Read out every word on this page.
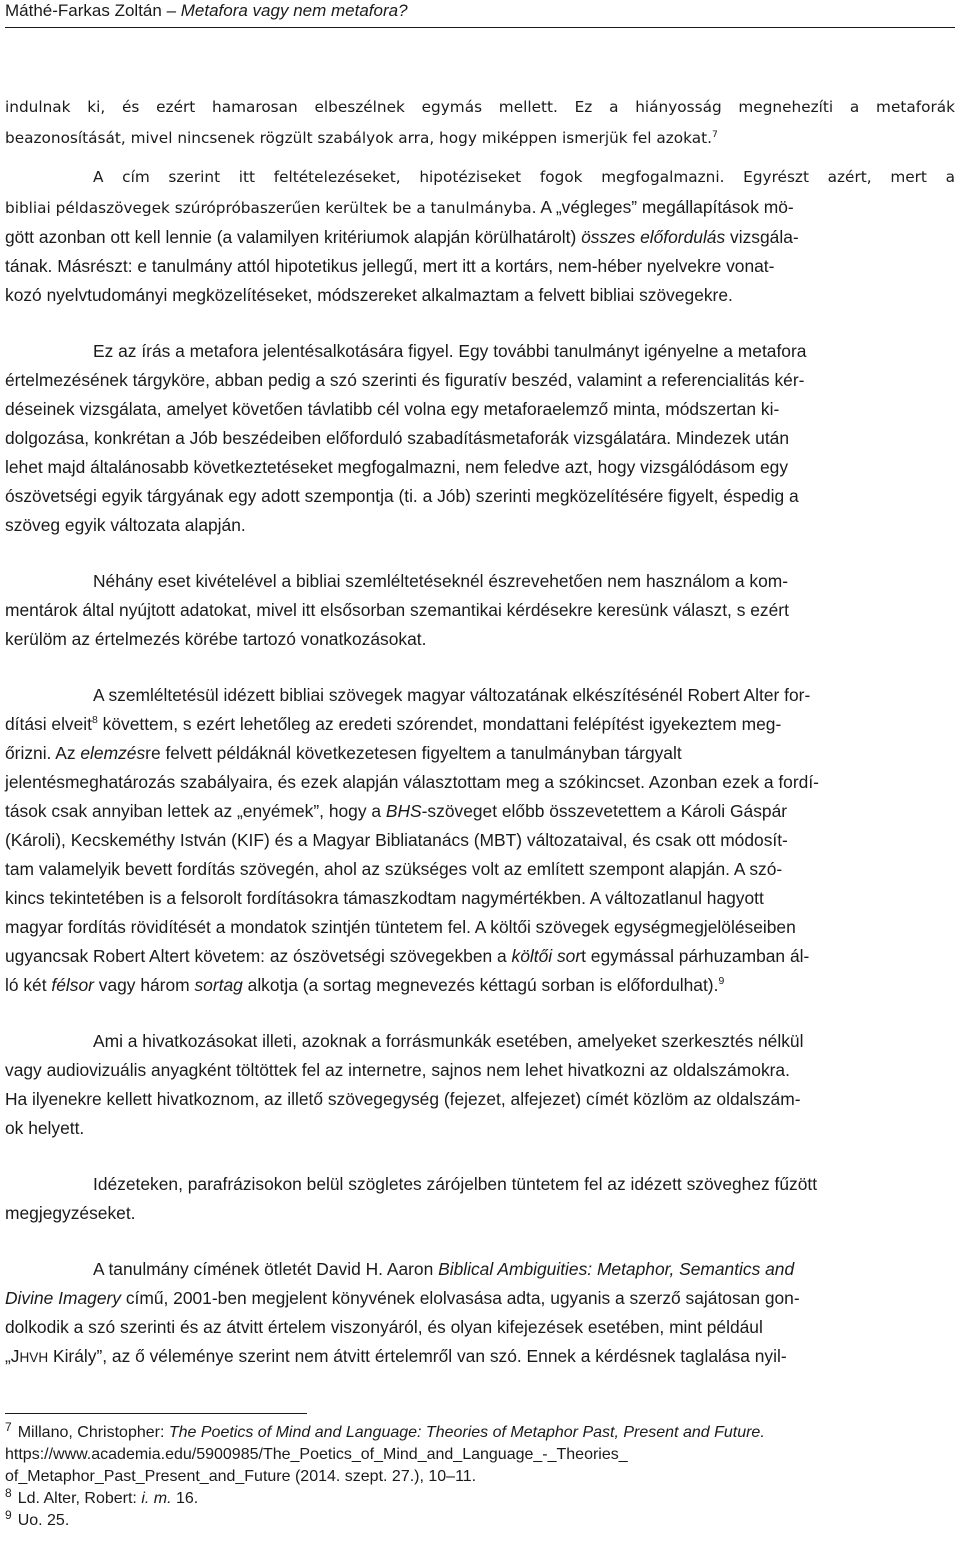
Máthé-Farkas Zoltán – Metafora vagy nem metafora?
indulnak ki, és ezért hamarosan elbeszélnek egymás mellett. Ez a hiányosság megnehezíti a metaforák
beazonosítását, mivel nincsenek rögzült szabályok arra, hogy miképpen ismerjük fel azokat.$^7$
A cím szerint itt feltételezéseket, hipotéziseket fogok megfogalmazni. Egyrészt azért, mert a
bibliai példaszövegek szúrópróbaszerűen kerültek be a tanulmányba. A „végleges” megállapítások mö-
gött azonban ott kell lennie (a valamilyen kritériumok alapján körülhatárolt) összes előfordulás vizsgála-
tának. Másrészt: e tanulmány attól hipotetikus jellegű, mert itt a kortárs, nem-héber nyelvekre vonat-
kozó nyelvtudományi megközelítéseket, módszereket alkalmaztam a felvett bibliai szövegekre.
Ez az írás a metafora jelentésalkotására figyel. Egy további tanulmányt igényelne a metafora
értelmezésének tárgyköre, abban pedig a szó szerinti és figuratív beszéd, valamint a referencialitás kér-
déseinek vizsgálata, amelyet követően távlatibb cél volna egy metaforaelemző minta, módszertan ki-
dolgozása, konkrétan a Jób beszédeiben előforduló szabadításmetaforák vizsgálatára. Mindezek után
lehet majd általánosabb következtetéseket megfogalmazni, nem feledve azt, hogy vizsgálódásom egy
ószövetségi egyik tárgyának egy adott szempontja (ti. a Jób) szerinti megközelítésére figyelt, éspedig a
szöveg egyik változata alapján.
Néhány eset kivételével a bibliai szemléltetéseknél észrevehetően nem használom a kom-
mentárok által nyújtott adatokat, mivel itt elsősorban szemantikai kérdésekre keresünk választ, s ezért
kerülöm az értelmezés körébe tartozó vonatkozásokat.
A szemléltetésül idézett bibliai szövegek magyar változatának elkészítésénél Robert Alter for-
dítási elveit$^8$ követtem, s ezért lehetőleg az eredeti szórendet, mondattani felépítést igyekeztem meg-
őrizni. Az elemzésre felvett példáknál következetesen figyeltem a tanulmányban tárgyalt
jelentésmeghatározás szabályaira, és ezek alapján választottam meg a szókincset. Azonban ezek a fordí-
tások csak annyiban lettek az „enyémek”, hogy a BHS-szöveget előbb összevetettem a Károli Gáspár
(Károli), Kecskeméthy István (KIF) és a Magyar Bibliatanács (MBT) változataival, és csak ott módosít-
tam valamelyik bevett fordítás szövegén, ahol az szükséges volt az említett szempont alapján. A szó-
kincs tekintetében is a felsorolt fordításokra támaszkodtam nagymértékben. A változatlanul hagyott
magyar fordítás rövidítését a mondatok szintjén tüntetem fel. A költői szövegek egységmegjelöléseiben
ugyancsak Robert Altert követem: az ószövetségi szövegekben a költői sort egymással párhuzamban ál-
ló két félsor vagy három sortag alkotja (a sortag megnevezés kéttagú sorban is előfordulhat).$^9$
Ami a hivatkozásokat illeti, azoknak a forrásmunkák esetében, amelyeket szerkesztés nélkül
vagy audiovizuális anyagként töltöttek fel az internetre, sajnos nem lehet hivatkozni az oldalszámokra.
Ha ilyenekre kellett hivatkoznom, az illető szövegegység (fejezet, alfejezet) címét közlöm az oldalszám-
ok helyett.
Idézeteken, parafrázisokon belül szögletes zárójelben tüntetem fel az idézett szöveghez fűzött
megjegyzéseket.
A tanulmány címének ötletét David H. Aaron Biblical Ambiguities: Metaphor, Semantics and
Divine Imagery című, 2001-ben megjelent könyvének elolvasása adta, ugyanis a szerző sajátosan gon-
dolkodik a szó szerinti és az átvitt értelem viszonyáról, és olyan kifejezések esetében, mint például
„JHVH Király”, az ő véleménye szerint nem átvitt értelemről van szó. Ennek a kérdésnek taglalása nyil-
$^7$ Millano, Christopher: The Poetics of Mind and Language: Theories of Metaphor Past, Present and Future.
https://www.academia.edu/5900985/The_Poetics_of_Mind_and_Language_-_Theories_
of_Metaphor_Past_Present_and_Future (2014. szept. 27.), 10–11.
$^8$ Ld. Alter, Robert: i. m. 16.
$^9$ Uo. 25.
